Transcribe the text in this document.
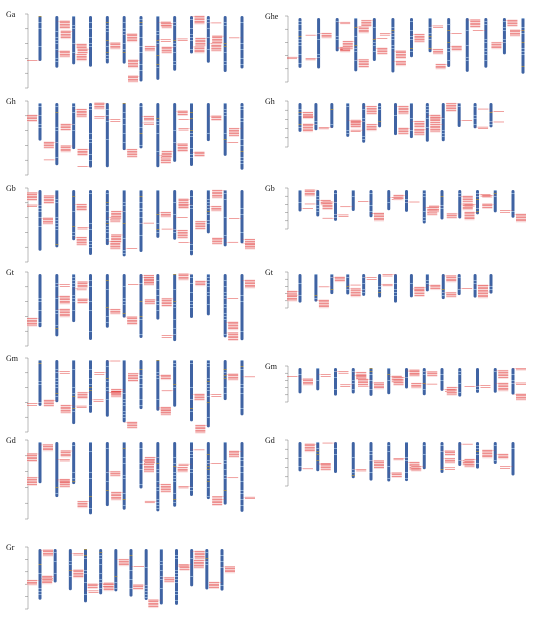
Ga	Ghe
Gh	Gh
Gb	Gb
Gt	Gt
Gm
Gm
Gd	Gd
Gr
